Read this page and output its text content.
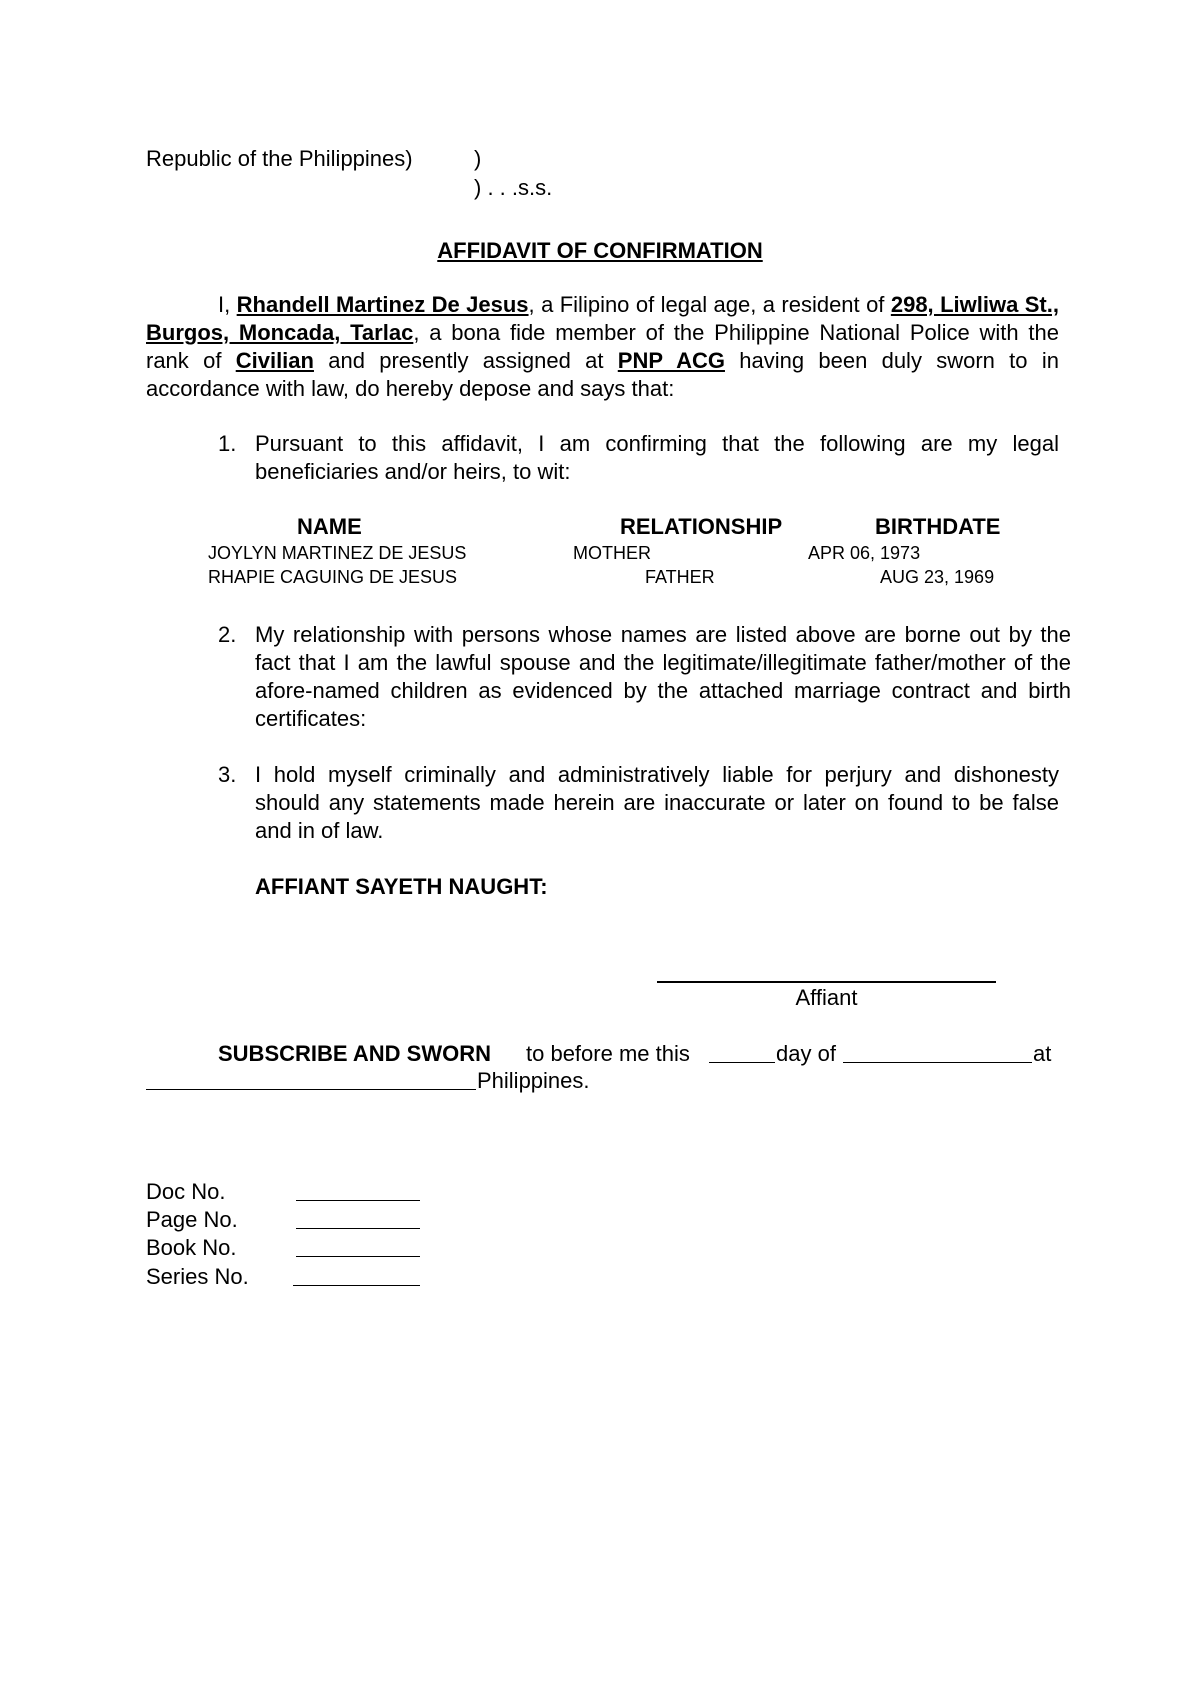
Republic of the Philippines)	)
) . . .s.s.
AFFIDAVIT OF CONFIRMATION
I, Rhandell Martinez De Jesus, a Filipino of legal age, a resident of 298, Liwliwa St., Burgos, Moncada, Tarlac, a bona fide member of the Philippine National Police with the rank of Civilian and presently assigned at PNP ACG having been duly sworn to in accordance with law, do hereby depose and says that:
1. Pursuant to this affidavit, I am confirming that the following are my legal beneficiaries and/or heirs, to wit:
NAME	RELATIONSHIP	BIRTHDATE
JOYLYN MARTINEZ DE JESUS	MOTHER	APR 06, 1973
RHAPIE CAGUING DE JESUS	FATHER	AUG 23, 1969
2. My relationship with persons whose names are listed above are borne out by the fact that I am the lawful spouse and the legitimate/illegitimate father/mother of the afore-named children as evidenced by the attached marriage contract and birth certificates:
3. I hold myself criminally and administratively liable for perjury and dishonesty should any statements made herein are inaccurate or later on found to be false and in of law.
AFFIANT SAYETH NAUGHT:
Affiant
SUBSCRIBE AND SWORN to before me this	day of	at
Philippines.
Doc No.
Page No.
Book No.
Series No.
